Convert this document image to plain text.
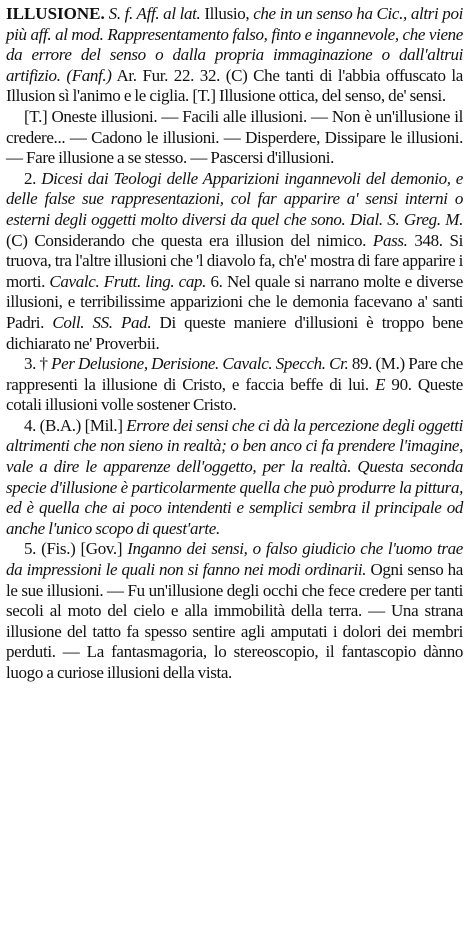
ILLUSIONE. S. f. Aff. al lat. Illusio, che in un senso ha Cic., altri poi più aff. al mod. Rappresentamento falso, finto e ingannevole, che viene da errore del senso o dalla propria immaginazione o dall'altrui artifizio. (Fanf.) Ar. Fur. 22. 32. (C) Che tanti di l'abbia offuscato la Illusion sì l'animo e le ciglia. [T.] Illusione ottica, del senso, de' sensi.

[T.] Oneste illusioni. — Facili alle illusioni. — Non è un'illusione il credere... — Cadono le illusioni. — Disperdere, Dissipare le illusioni. — Fare illusione a se stesso. — Pascersi d'illusioni.

2. Dicesi dai Teologi delle Apparizioni ingannevoli del demonio, e delle false sue rappresentazioni, col far apparire a' sensi interni o esterni degli oggetti molto diversi da quel che sono. Dial. S. Greg. M. (C) Considerando che questa era illusion del nimico. Pass. 348. Si truova, tra l'altre illusioni che 'l diavolo fa, ch'e' mostra di fare apparire i morti. Cavalc. Frutt. ling. cap. 6. Nel quale si narrano molte e diverse illusioni, e terribilissime apparizioni che le demonia facevano a' santi Padri. Coll. SS. Pad. Di queste maniere d'illusioni è troppo bene dichiarato ne' Proverbii.

3. † Per Delusione, Derisione. Cavalc. Specch. Cr. 89. (M.) Pare che rappresenti la illusione di Cristo, e faccia beffe di lui. E 90. Queste cotali illusioni volle sostener Cristo.

4. (B.A.) [Mil.] Errore dei sensi che ci dà la percezione degli oggetti altrimenti che non sieno in realtà; o ben anco ci fa prendere l'imagine, vale a dire le apparenze dell'oggetto, per la realtà. Questa seconda specie d'illusione è particolarmente quella che può produrre la pittura, ed è quella che ai poco intendenti e semplici sembra il principale od anche l'unico scopo di quest'arte.

5. (Fis.) [Gov.] Inganno dei sensi, o falso giudicio che l'uomo trae da impressioni le quali non si fanno nei modi ordinarii. Ogni senso ha le sue illusioni. — Fu un'illusione degli occhi che fece credere per tanti secoli al moto del cielo e alla immobilità della terra. — Una strana illusione del tatto fa spesso sentire agli amputati i dolori dei membri perduti. — La fantasmagoria, lo stereoscopio, il fantascopio dànno luogo a curiose illusioni della vista.
